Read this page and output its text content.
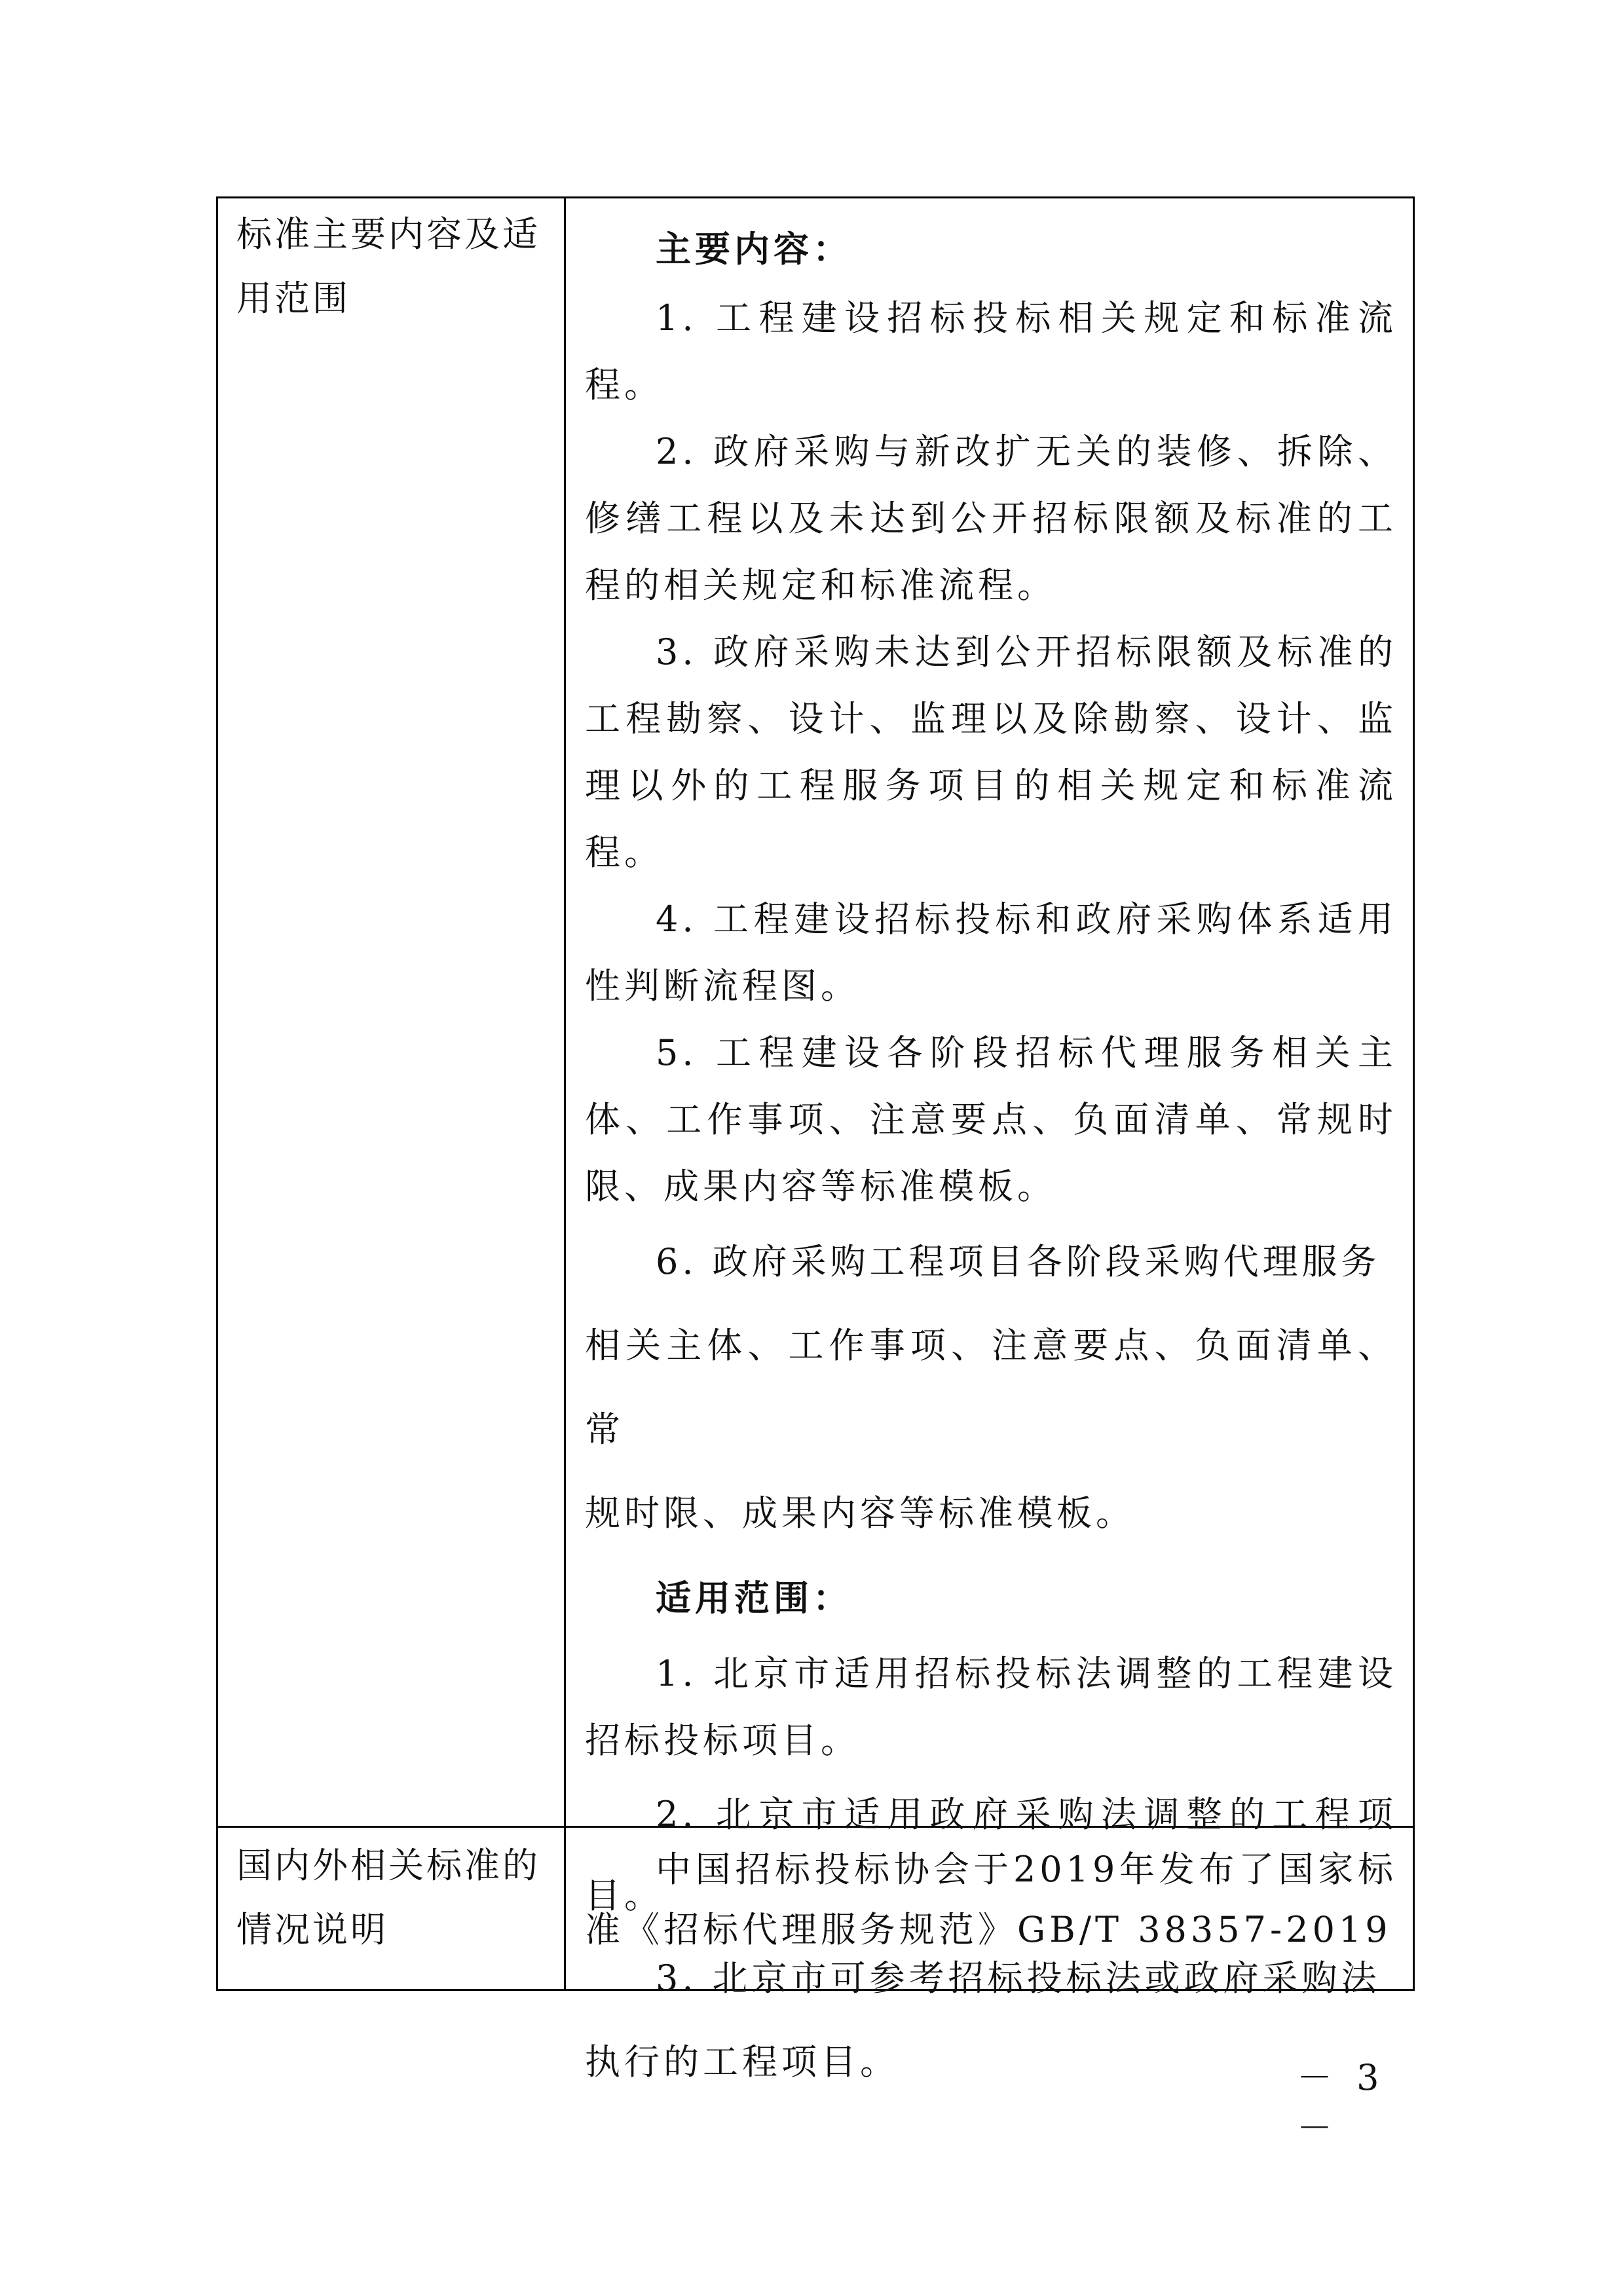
标准主要内容及适用范围

主要内容：

1. 工程建设招标投标相关规定和标准流程。

2. 政府采购与新改扩无关的装修、拆除、修缮工程以及未达到公开招标限额及标准的工程的相关规定和标准流程。

3. 政府采购未达到公开招标限额及标准的工程勘察、设计、监理以及除勘察、设计、监理以外的工程服务项目的相关规定和标准流程。

4. 工程建设招标投标和政府采购体系适用性判断流程图。

5. 工程建设各阶段招标代理服务相关主体、工作事项、注意要点、负面清单、常规时限、成果内容等标准模板。

6. 政府采购工程项目各阶段采购代理服务

相关主体、工作事项、注意要点、负面清单、常

规时限、成果内容等标准模板。

适用范围：

1. 北京市适用招标投标法调整的工程建设招标投标项目。

2. 北京市适用政府采购法调整的工程项目。

3. 北京市可参考招标投标法或政府采购法

执行的工程项目。

国内外相关标准的情况说明

中国招标投标协会于2019年发布了国家标准《招标代理服务规范》GB/T 38357-2019

－ 3 －
